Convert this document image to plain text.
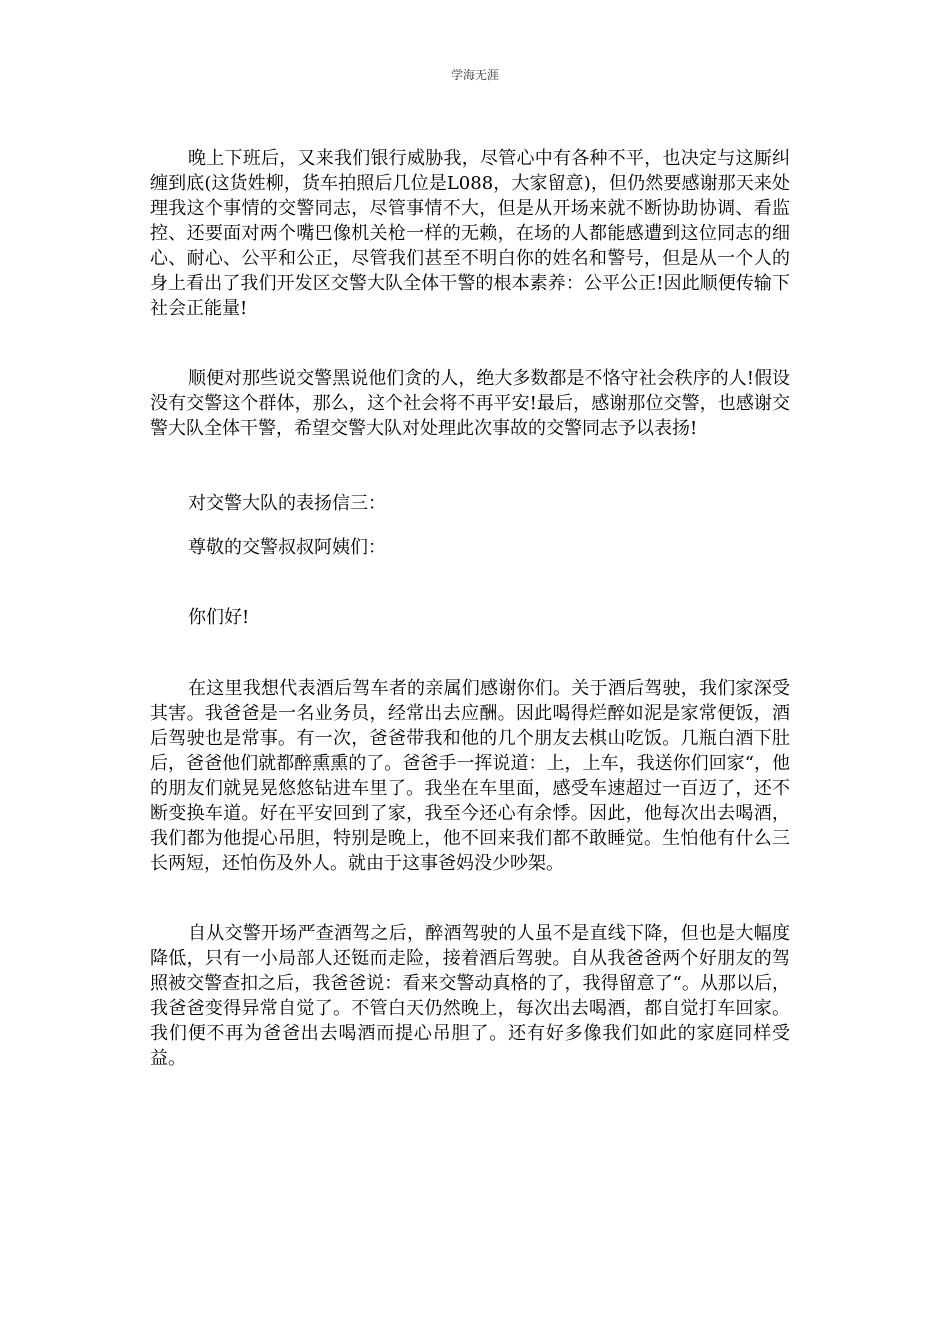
学海无涯

晚上下班后，又来我们银行威胁我，尽管心中有各种不平，也决定与这厮纠缠到底(这货姓柳，货车拍照后几位是L088，大家留意)，但仍然要感谢那天来处理我这个事情的交警同志，尽管事情不大，但是从开场来就不断协助协调、看监控、还要面对两个嘴巴像机关枪一样的无赖，在场的人都能感遭到这位同志的细心、耐心、公平和公正，尽管我们甚至不明白你的姓名和警号，但是从一个人的身上看出了我们开发区交警大队全体干警的根本素养：公平公正!因此顺便传输下社会正能量!

顺便对那些说交警黑说他们贪的人，绝大多数都是不恪守社会秩序的人!假设没有交警这个群体，那么，这个社会将不再平安!最后，感谢那位交警，也感谢交警大队全体干警，希望交警大队对处理此次事故的交警同志予以表扬!

对交警大队的表扬信三：

尊敬的交警叔叔阿姨们：

你们好!

在这里我想代表酒后驾车者的亲属们感谢你们。关于酒后驾驶，我们家深受其害。我爸爸是一名业务员，经常出去应酬。因此喝得烂醉如泥是家常便饭，酒后驾驶也是常事。有一次，爸爸带我和他的几个朋友去棋山吃饭。几瓶白酒下肚后，爸爸他们就都醉熏熏的了。爸爸手一挥说道：上，上车，我送你们回家“，他的朋友们就晃晃悠悠钻进车里了。我坐在车里面，感受车速超过一百迈了，还不断变换车道。好在平安回到了家，我至今还心有余悸。因此，他每次出去喝酒，我们都为他提心吊胆，特别是晚上，他不回来我们都不敢睡觉。生怕他有什么三长两短，还怕伤及外人。就由于这事爸妈没少吵架。

自从交警开场严查酒驾之后，醉酒驾驶的人虽不是直线下降，但也是大幅度降低，只有一小局部人还铤而走险，接着酒后驾驶。自从我爸爸两个好朋友的驾照被交警查扣之后，我爸爸说：看来交警动真格的了，我得留意了“。从那以后，我爸爸变得异常自觉了。不管白天仍然晚上，每次出去喝酒，都自觉打车回家。我们便不再为爸爸出去喝酒而提心吊胆了。还有好多像我们如此的家庭同样受益。
